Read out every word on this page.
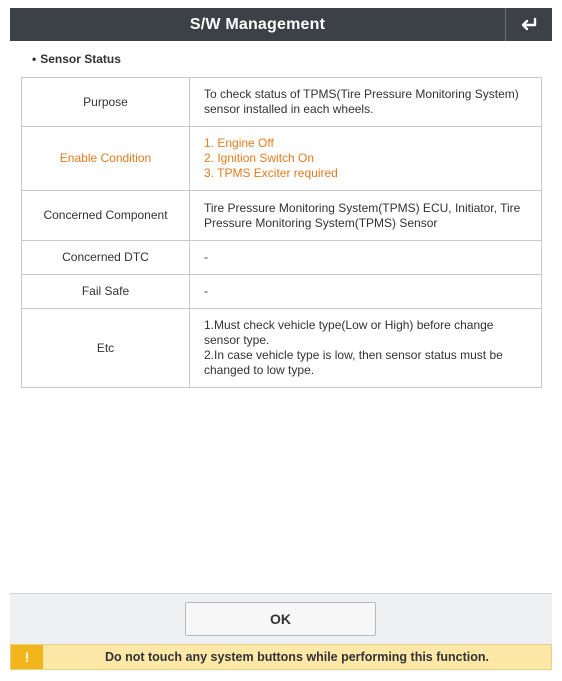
S/W Management
• Sensor Status
Purpose	To check status of TPMS(Tire Pressure Monitoring System) sensor installed in each wheels.
Enable Condition	1. Engine Off
2. Ignition Switch On
3. TPMS Exciter required

Concerned Component	Tire Pressure Monitoring System(TPMS) ECU, Initiator, Tire Pressure Monitoring System(TPMS) Sensor
Concerned DTC	-
Fail Safe	-
Etc	1.Must check vehicle type(Low or High) before change sensor type.
2.In case vehicle type is low, then sensor status must be changed to low type.
OK
!	Do not touch any system buttons while performing this function.
